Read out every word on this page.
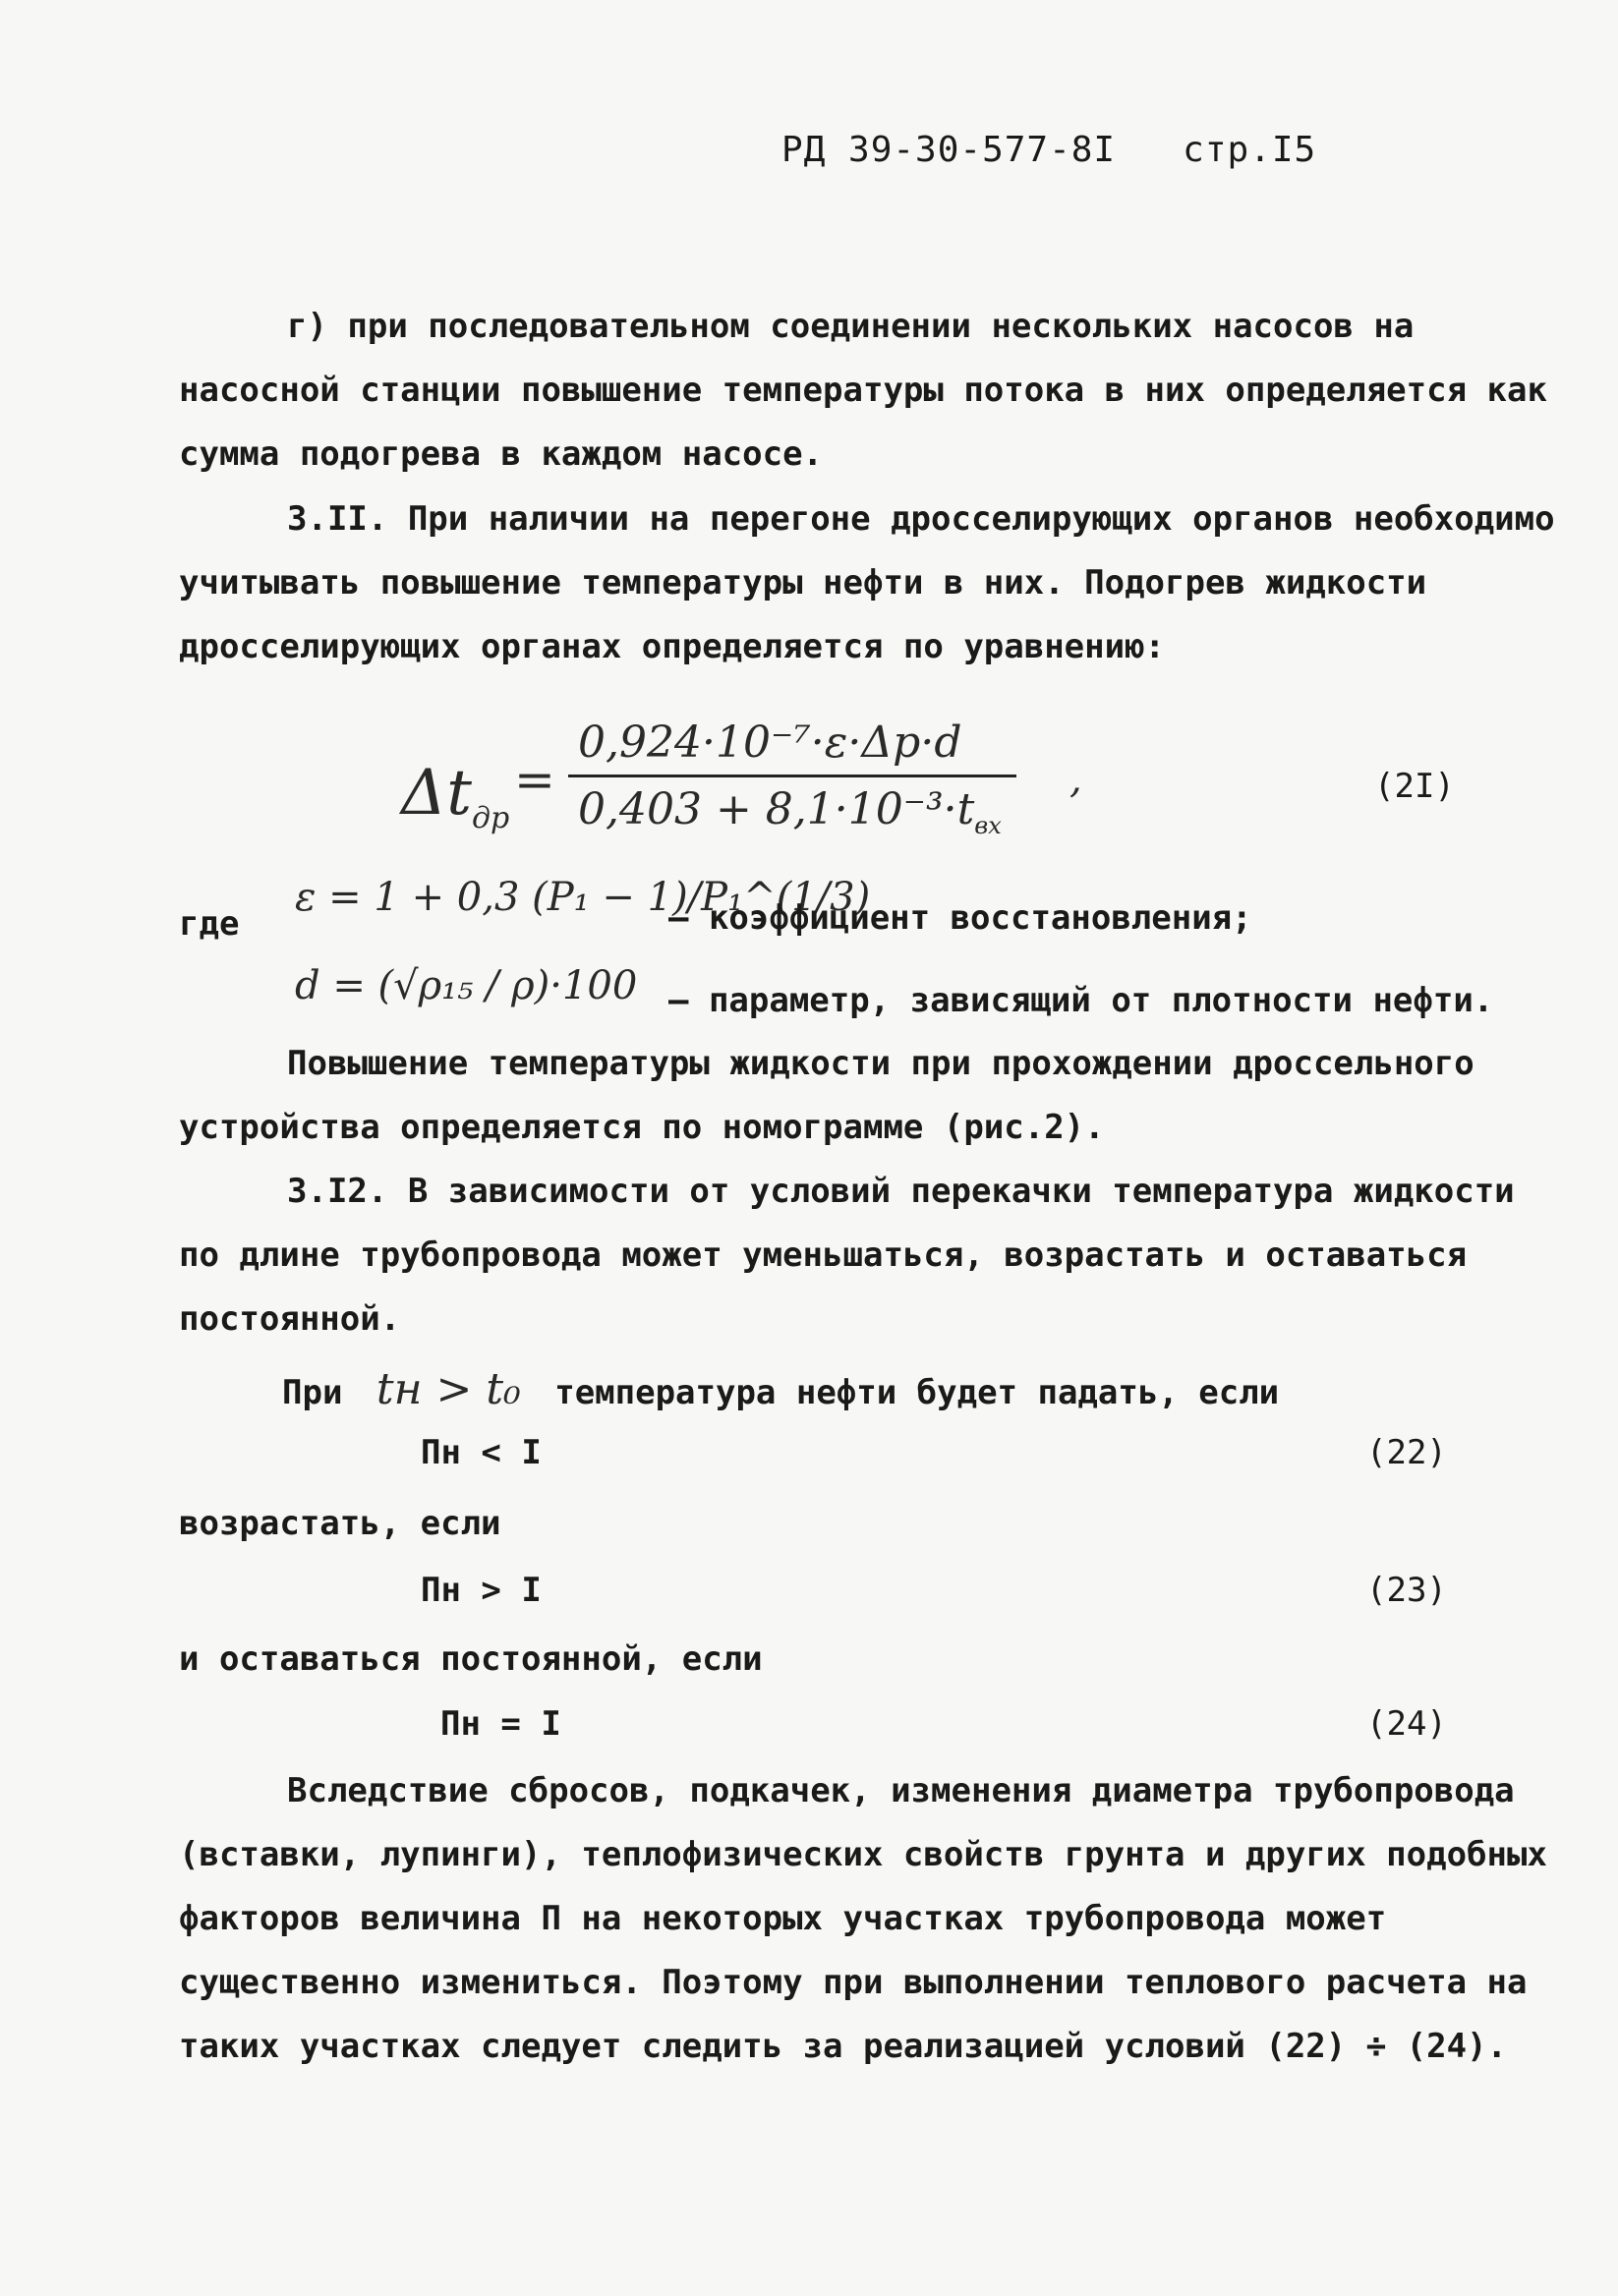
РД 39-30-577-8I стр.I5

г) при последовательном соединении нескольких насосов на насосной станции повышение температуры потока в них определяется как сумма подогрева в каждом насосе.

3.II. При наличии на перегоне дросселирующих органов необходимо учитывать повышение температуры нефти в них. Подогрев жидкости дросселирующих органах определяется по уравнению:

$\Delta t_{др}$
=
0,924·10⁻⁷·ε·Δp·d
$0,403 + 8,1\cdot 10^{-3}\cdot t_{вх}$
,	(2I)
где
ε = 1 + 0,3 (P₁ − 1)/P₁^(1/3)
– коэффициент восстановления;
d = (√ρ₁₅ / ρ)·100 – параметр, зависящий от плотности нефти.

Повышение температуры жидкости при прохождении дроссельного устройства определяется по номограмме (рис.2).

3.I2. В зависимости от условий перекачки температура жидкости по длине трубопровода может уменьшаться, возрастать и оставаться постоянной.

При tн > t₀ температура нефти будет падать, если
Пн < I	(22)
возрастать, если
Пн > I	(23)
и оставаться постоянной, если
Пн = I	(24)

Вследствие сбросов, подкачек, изменения диаметра трубопровода (вставки, лупинги), теплофизических свойств грунта и других подобных факторов величина П на некоторых участках трубопровода может существенно измениться. Поэтому при выполнении теплового расчета на таких участках следует следить за реализацией условий (22) ÷ (24).
